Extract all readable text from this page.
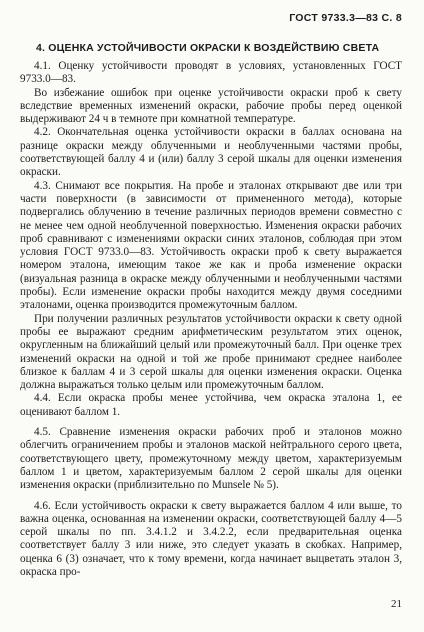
ГОСТ 9733.3—83 С. 8
4. ОЦЕНКА УСТОЙЧИВОСТИ ОКРАСКИ К ВОЗДЕЙСТВИЮ СВЕТА

4.1. Оценку устойчивости проводят в условиях, установленных ГОСТ 9733.0—83.

Во избежание ошибок при оценке устойчивости окраски проб к свету вследствие временных изменений окраски, рабочие пробы перед оценкой выдерживают 24 ч в темноте при комнатной температуре.

4.2. Окончательная оценка устойчивости окраски в баллах основана на разнице окраски между облученными и необлученными частями пробы, соответствующей баллу 4 и (или) баллу 3 серой шкалы для оценки изменения окраски.

4.3. Снимают все покрытия. На пробе и эталонах открывают две или три части поверхности (в зависимости от примененного метода), которые подвергались облучению в течение различных периодов времени совместно с не менее чем одной необлученной поверхностью. Изменения окраски рабочих проб сравнивают с изменениями окраски синих эталонов, соблюдая при этом условия ГОСТ 9733.0—83. Устойчивость окраски проб к свету выражается номером эталона, имеющим такое же как и проба изменение окраски (визуальная разница в окраске между облученными и необлученными частями пробы). Если изменение окраски пробы находится между двумя соседними эталонами, оценка производится промежуточным баллом.

При получении различных результатов устойчивости окраски к свету одной пробы ее выражают средним арифметическим результатом этих оценок, округленным на ближайший целый или промежуточный балл. При оценке трех изменений окраски на одной и той же пробе принимают среднее наиболее близкое к баллам 4 и 3 серой шкалы для оценки изменения окраски. Оценка должна выражаться только целым или промежуточным баллом.

4.4. Если окраска пробы менее устойчива, чем окраска эталона 1, ее оценивают баллом 1.

4.5. Сравнение изменения окраски рабочих проб и эталонов можно облегчить ограничением пробы и эталонов маской нейтрального серого цвета, соответствующего цвету, промежуточному между цветом, характеризуемым баллом 1 и цветом, характеризуемым баллом 2 серой шкалы для оценки изменения окраски (приблизительно по Munsele № 5).

4.6. Если устойчивость окраски к свету выражается баллом 4 или выше, то важна оценка, основанная на изменении окраски, соответствующей баллу 4—5 серой шкалы по пп. 3.4.1.2 и 3.4.2.2, если предварительная оценка соответствует баллу 3 или ниже, это следует указать в скобках. Например, оценка 6 (3) означает, что к тому времени, когда начинает выцветать эталон 3, окраска про-

21
